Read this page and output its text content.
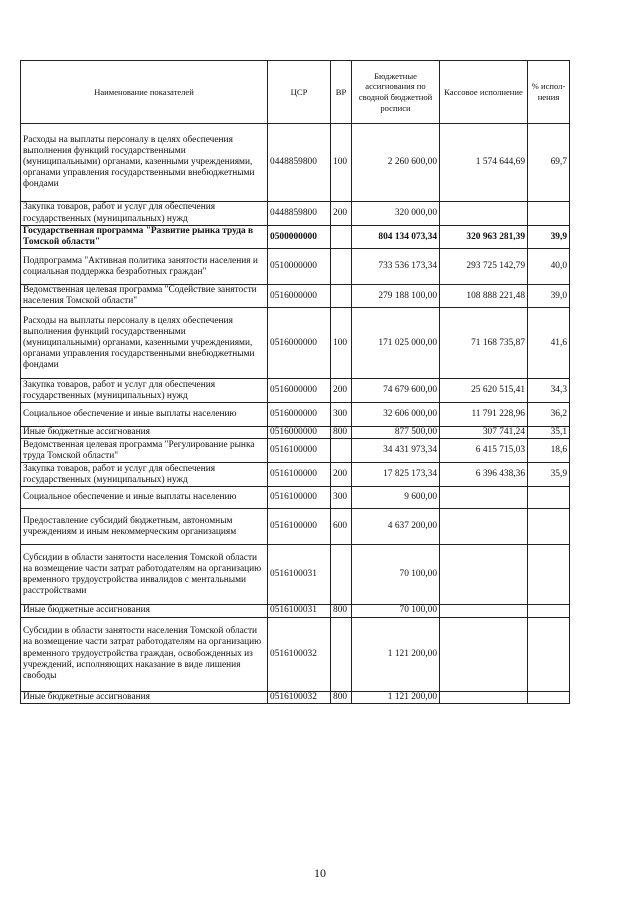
Наименование показателей	ЦСР	ВР	Бюджетные ассигнования по сводной бюджетной росписи	Кассовое исполнение	% испол-нения
Расходы на выплаты персоналу в целях обеспечения выполнения функций государственными (муниципальными) органами, казенными учреждениями, органами управления государственными внебюджетными фондами	0448859800	100	2 260 600,00	1 574 644,69	69,7
Закупка товаров, работ и услуг для обеспечения государственных (муниципальных) нужд	0448859800	200	320 000,00		
Государственная программа "Развитие рынка труда в Томской области"	0500000000		804 134 073,34	320 963 281,39	39,9
Подпрограмма "Активная политика занятости населения и социальная поддержка безработных граждан"	0510000000		733 536 173,34	293 725 142,79	40,0
Ведомственная целевая программа "Содействие занятости населения Томской области"	0516000000		279 188 100,00	108 888 221,48	39,0
Расходы на выплаты персоналу в целях обеспечения выполнения функций государственными (муниципальными) органами, казенными учреждениями, органами управления государственными внебюджетными фондами	0516000000	100	171 025 000,00	71 168 735,87	41,6
Закупка товаров, работ и услуг для обеспечения государственных (муниципальных) нужд	0516000000	200	74 679 600,00	25 620 515,41	34,3
Социальное обеспечение и иные выплаты населению	0516000000	300	32 606 000,00	11 791 228,96	36,2
Иные бюджетные ассигнования	0516000000	800	877 500,00	307 741,24	35,1
Ведомственная целевая программа "Регулирование рынка труда Томской области"	0516100000		34 431 973,34	6 415 715,03	18,6
Закупка товаров, работ и услуг для обеспечения государственных (муниципальных) нужд	0516100000	200	17 825 173,34	6 396 438,36	35,9
Социальное обеспечение и иные выплаты населению	0516100000	300	9 600,00		
Предоставление субсидий бюджетным, автономным учреждениям и иным некоммерческим организациям	0516100000	600	4 637 200,00		
Субсидии в области занятости населения Томской области на возмещение части затрат работодателям на организацию временного трудоустройства инвалидов с ментальными расстройствами	0516100031		70 100,00		
Иные бюджетные ассигнования	0516100031	800	70 100,00		
Субсидии в области занятости населения Томской области на возмещение части затрат работодателям на организацию временного трудоустройства граждан, освобожденных из учреждений, исполняющих наказание в виде лишения свободы	0516100032		1 121 200,00		
Иные бюджетные ассигнования	0516100032	800	1 121 200,00		
10
